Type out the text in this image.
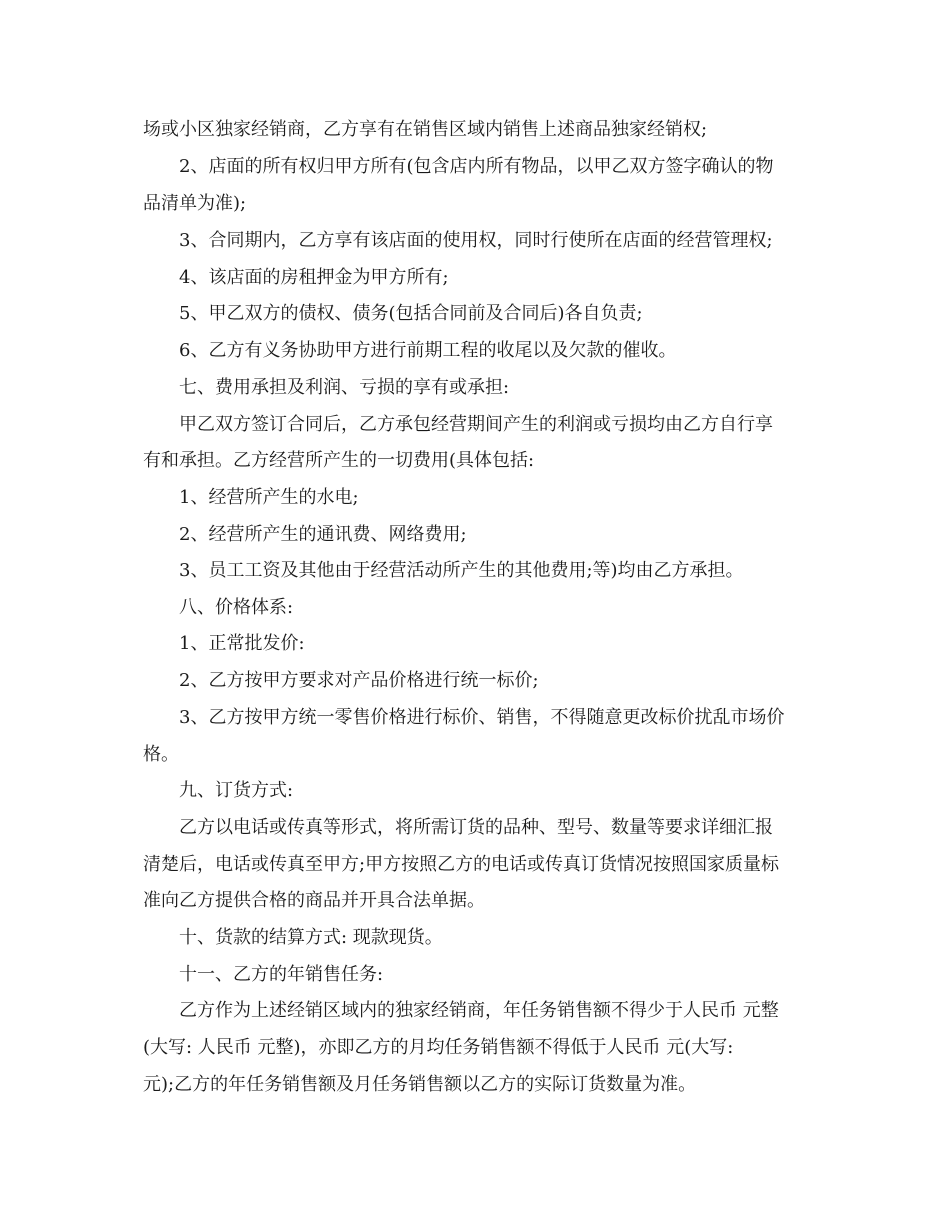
场或小区独家经销商，乙方享有在销售区域内销售上述商品独家经销权;
2、店面的所有权归甲方所有(包含店内所有物品，以甲乙双方签字确认的物
品清单为准);
3、合同期内，乙方享有该店面的使用权，同时行使所在店面的经营管理权;
4、该店面的房租押金为甲方所有;
5、甲乙双方的债权、债务(包括合同前及合同后)各自负责;
6、乙方有义务协助甲方进行前期工程的收尾以及欠款的催收。
七、费用承担及利润、亏损的享有或承担:
甲乙双方签订合同后，乙方承包经营期间产生的利润或亏损均由乙方自行享
有和承担。乙方经营所产生的一切费用(具体包括:
1、经营所产生的水电;
2、经营所产生的通讯费、网络费用;
3、员工工资及其他由于经营活动所产生的其他费用;等)均由乙方承担。
八、价格体系:
1、正常批发价:
2、乙方按甲方要求对产品价格进行统一标价;
3、乙方按甲方统一零售价格进行标价、销售，不得随意更改标价扰乱市场价
格。
九、订货方式:
乙方以电话或传真等形式，将所需订货的品种、型号、数量等要求详细汇报
清楚后，电话或传真至甲方;甲方按照乙方的电话或传真订货情况按照国家质量标
准向乙方提供合格的商品并开具合法单据。
十、货款的结算方式: 现款现货。
十一、乙方的年销售任务:
乙方作为上述经销区域内的独家经销商，年任务销售额不得少于人民币 元整
(大写: 人民币 元整)，亦即乙方的月均任务销售额不得低于人民币 元(大写:
元);乙方的年任务销售额及月任务销售额以乙方的实际订货数量为准。
